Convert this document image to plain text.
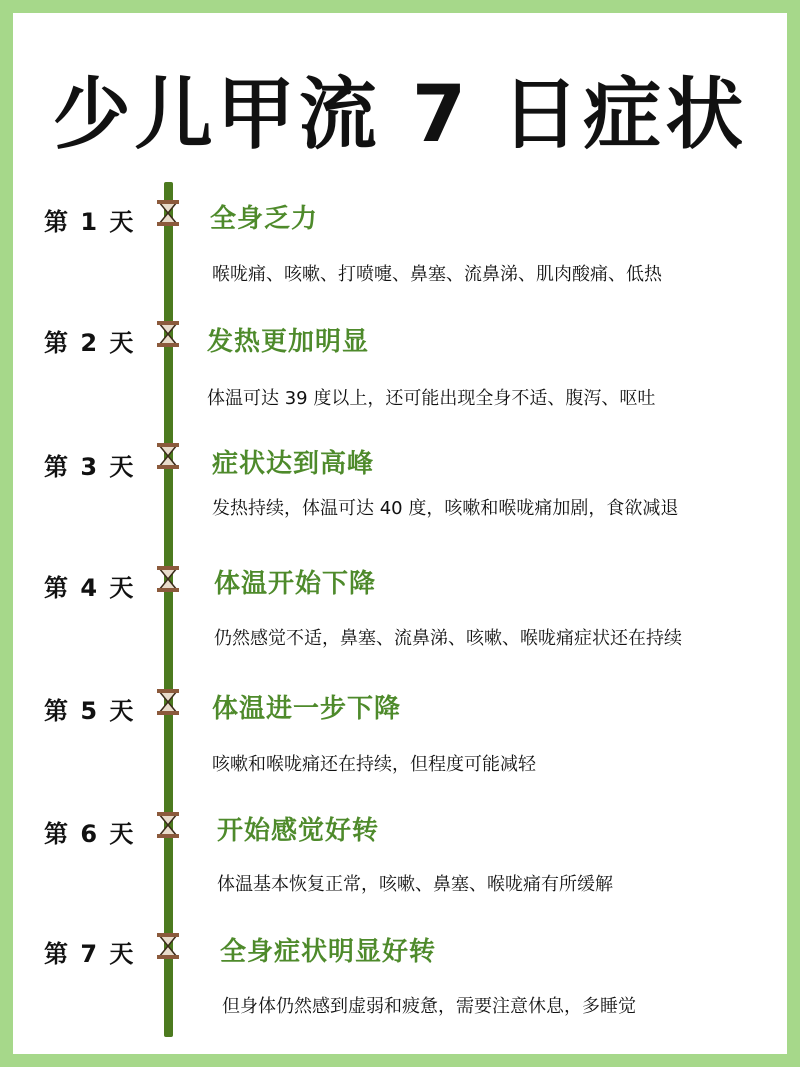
少儿甲流 7 日症状
第 1 天	全身乏力
喉咙痛、咳嗽、打喷嚏、鼻塞、流鼻涕、肌肉酸痛、低热
第 2 天	发热更加明显
体温可达 39 度以上，还可能出现全身不适、腹泻、呕吐
第 3 天	症状达到高峰
发热持续，体温可达 40 度，咳嗽和喉咙痛加剧，食欲减退
第 4 天	体温开始下降
仍然感觉不适，鼻塞、流鼻涕、咳嗽、喉咙痛症状还在持续
第 5 天	体温进一步下降
咳嗽和喉咙痛还在持续，但程度可能减轻
第 6 天	开始感觉好转
体温基本恢复正常，咳嗽、鼻塞、喉咙痛有所缓解
第 7 天	全身症状明显好转
但身体仍然感到虚弱和疲惫，需要注意休息，多睡觉
